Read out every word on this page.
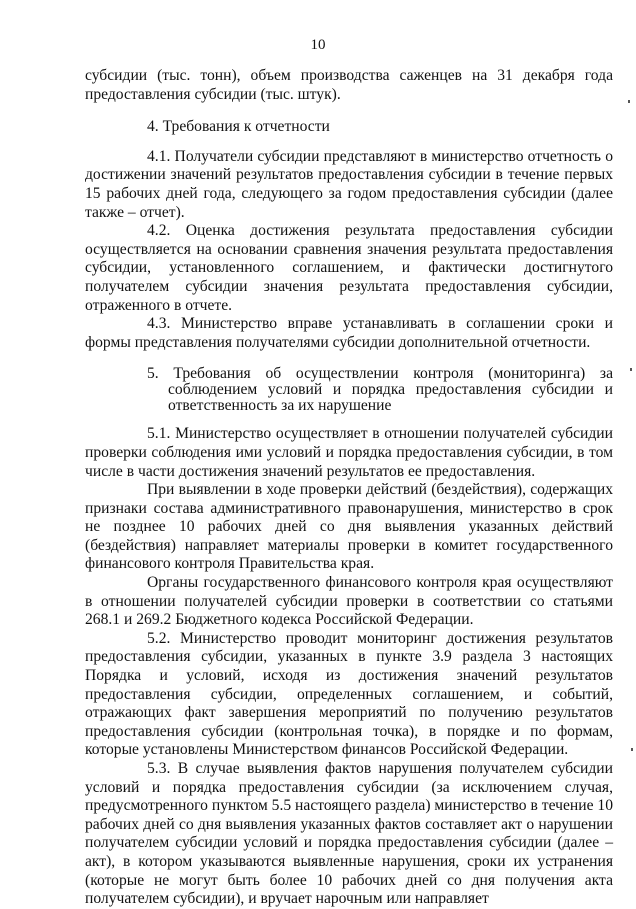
10

субсидии (тыс. тонн), объем производства саженцев на 31 декабря года предоставления субсидии (тыс. штук).

4. Требования к отчетности

4.1. Получатели субсидии представляют в министерство отчетность о достижении значений результатов предоставления субсидии в течение первых 15 рабочих дней года, следующего за годом предоставления субсидии (далее также – отчет).

4.2. Оценка достижения результата предоставления субсидии осуществляется на основании сравнения значения результата предоставления субсидии, установленного соглашением, и фактически достигнутого получателем субсидии значения результата предоставления субсидии, отраженного в отчете.

4.3. Министерство вправе устанавливать в соглашении сроки и формы представления получателями субсидии дополнительной отчетности.

5. Требования об осуществлении контроля (мониторинга) за соблюдением условий и порядка предоставления субсидии и ответственность за их нарушение

5.1. Министерство осуществляет в отношении получателей субсидии проверки соблюдения ими условий и порядка предоставления субсидии, в том числе в части достижения значений результатов ее предоставления.

При выявлении в ходе проверки действий (бездействия), содержащих признаки состава административного правонарушения, министерство в срок не позднее 10 рабочих дней со дня выявления указанных действий (бездействия) направляет материалы проверки в комитет государственного финансового контроля Правительства края.

Органы государственного финансового контроля края осуществляют в отношении получателей субсидии проверки в соответствии со статьями 268.1 и 269.2 Бюджетного кодекса Российской Федерации.

5.2. Министерство проводит мониторинг достижения результатов предоставления субсидии, указанных в пункте 3.9 раздела 3 настоящих Порядка и условий, исходя из достижения значений результатов предоставления субсидии, определенных соглашением, и событий, отражающих факт завершения мероприятий по получению результатов предоставления субсидии (контрольная точка), в порядке и по формам, которые установлены Министерством финансов Российской Федерации.

5.3. В случае выявления фактов нарушения получателем субсидии условий и порядка предоставления субсидии (за исключением случая, предусмотренного пунктом 5.5 настоящего раздела) министерство в течение 10 рабочих дней со дня выявления указанных фактов составляет акт о нарушении получателем субсидии условий и порядка предоставления субсидии (далее – акт), в котором указываются выявленные нарушения, сроки их устранения (которые не могут быть более 10 рабочих дней со дня получения акта получателем субсидии), и вручает нарочным или направляет
